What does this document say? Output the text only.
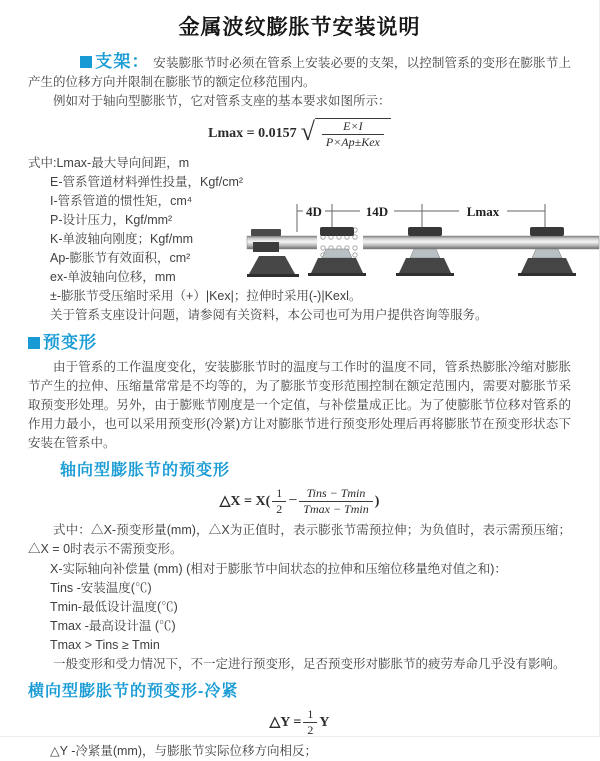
金属波纹膨胀节安装说明

支架： 安装膨胀节时必须在管系上安装必要的支架，以控制管系的变形在膨胀节上产生的位移方向并限制在膨胀节的额定位移范围内。

例如对于轴向型膨胀节，它对管系支座的基本要求如图所示：

Lmax = 0.0157 √ $\frac{E\times I}{\text{P×Ap±Kex}}$
式中:Lmax-最大导向间距，m
E-管系管道材料弹性投量，Kgf/cm²
I-管系管道的惯性矩，cm⁴
P-设计压力，Kgf/mm²
K-单波轴向刚度；Kgf/mm
Ap-膨胀节有效面积，cm²
ex-单波轴向位移，mm
4D	14D	Lmax
±-膨胀节受压缩时采用（+）|Kex|；拉伸时采用(-)|Kexl。
关于管系支座设计问题，请参阅有关资料，本公司也可为用户提供咨询等服务。
预变形

由于管系的工作温度变化，安装膨胀节时的温度与工作时的温度不同，管系热膨胀冷缩对膨胀节产生的拉伸、压缩量常常是不均等的，为了膨胀节变形范围控制在额定范围内，需要对膨胀节采取预变形处理。另外，由于膨账节刚度是一个定值，与补偿量成正比。为了使膨胀节位移对管系的作用力最小，也可以采用预变形(冷紧)方让对膨胀节进行预变形处理后再将膨胀节在预变形状态下安装在管系中。

轴向型膨胀节的预变形
△X = $X( \frac{1}{2} - \frac{\text{Tins − Tmin}}{Tmax - Tmin}$ )

式中：△X-预变形量(mm)，△X为正值时，表示膨张节需预拉伸；为负值时，表示需预压缩；△X = 0时表示不需预变形。

X-实际轴向补偿量 (mm) (相对于膨胀节中间状态的拉伸和压缩位移量绝对值之和)：
Tins -安装温度(℃)
Tmin-最低设计温度(℃)
Tmax -最高设计温 (℃)
Tmax > Tins ≥ Tmin

一般变形和受力情况下，不一定进行预变形，足否预变形对膨胀节的疲劳寿命几乎没有影响。

横向型膨胀节的预变形-冷紧
△Y = $\frac{1}{2}$ Y
△Y -冷紧量(mm)，与膨胀节实际位移方向相反；
